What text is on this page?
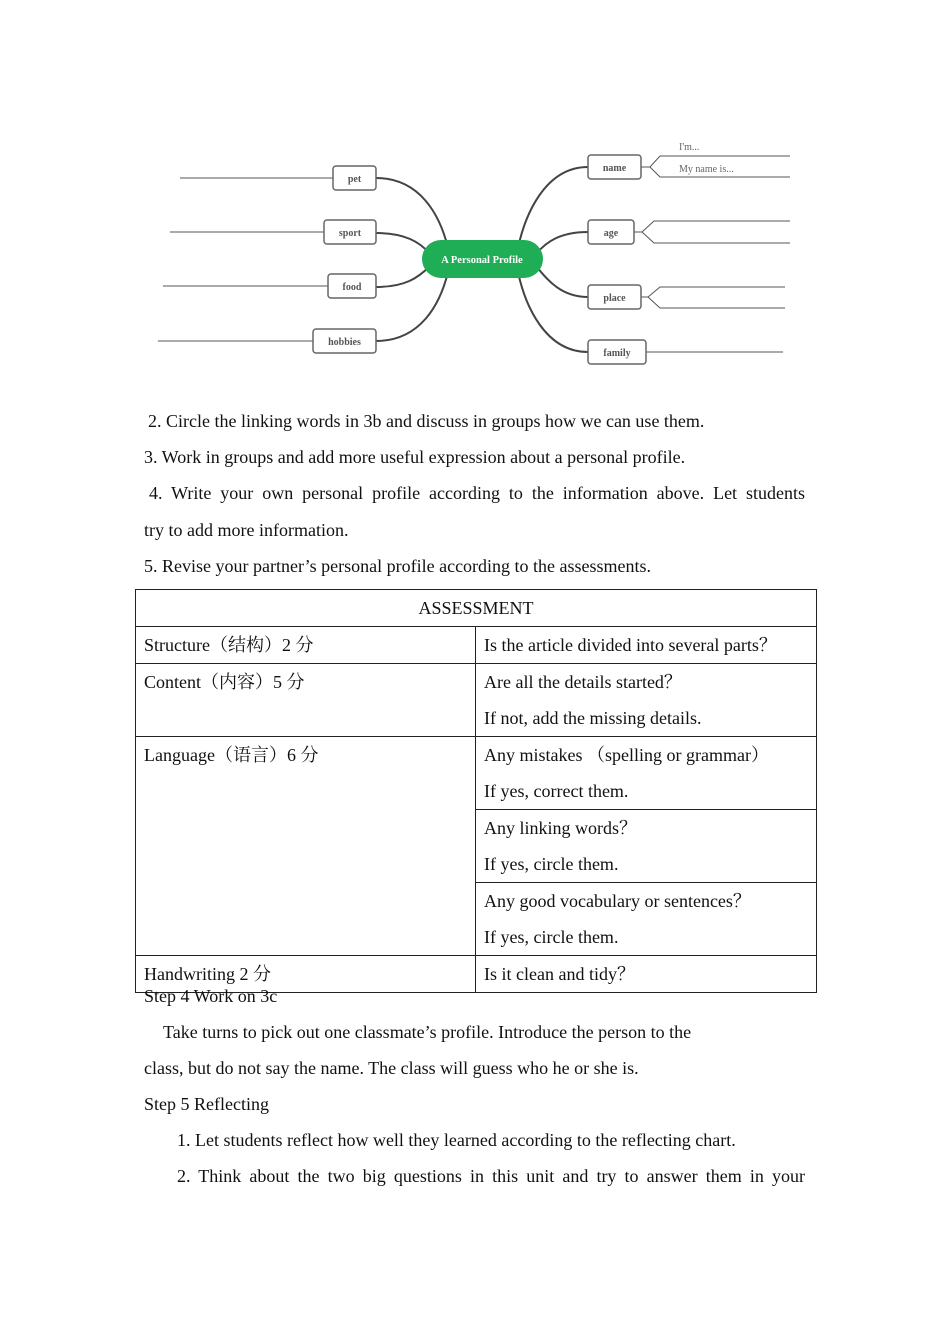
A Personal Profile
pet
sport
food
hobbies
name
age
place
family
I'm...
My name is...
2. Circle the linking words in 3b and discuss in groups how we can use them.
3. Work in groups and add more useful expression about a personal profile.
4. Write your own personal profile according to the information above. Let students
try to add more information.
5. Revise your partner’s personal profile according to the assessments.
ASSESSMENT	
Structure（结构）2 分	Is the article divided into several parts？
Content（内容）5 分	Are all the details started？
If not, add the missing details.

Language（语言）6 分	Any mistakes （spelling or grammar）
If yes, correct them.

	Any linking words？
If yes, circle them.

	Any good vocabulary or sentences？
If yes, circle them.

Handwriting 2 分	Is it clean and tidy？
Step 4 Work on 3c
Take turns to pick out one classmate’s profile. Introduce the person to the
class, but do not say the name. The class will guess who he or she is.
Step 5 Reflecting
1. Let students reflect how well they learned according to the reflecting chart.
2. Think about the two big questions in this unit and try to answer them in your
